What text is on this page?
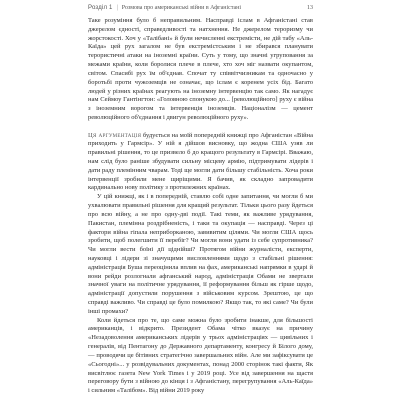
Розділ 1 | Розмова про американські війни в Афганістані	13

Таке розуміння було б неправильним. Насправді іслам в Афганістані став джерелом єдності, справедливості та натхнення. Не джерелом тероризму чи жорстокості. Хоч у «Талібані» й були нечисленні екстремісти, не дій табу «Аль-Каїда» цей рух загалом не був екстремістським і не збирався планувати терористичні атаки на іноземні країни. Суть у тому, що значні угруповання за межами країни, коли боролися плече в плече, хто хоч міг назвати окупантом, світом. Спасибі рух їм об'єднав. Спочат ту співвітчизникам та одночасно у боротьбі проти чужоземців не означає, що іслам є коренем усіх бід. Багато людей у різних країнах реагують на іноземну інтервенцію так само. Як нагадує нам Сеймоу Гантінгтон: «Головною спонукою до... [революційного] руху є війна з іноземним ворогом та інтервенція іноземців. Націоналізм — цемент революційного об'єднання і двигун революційного руху».

Ця аргументація будується на моїй попередній книжці про Афганістан «Війна приходить у Гармсір». У ній я дійшов висновку, що жодна США узяв ли правильні рішення, то це призвело б до кращого результату в Гармсірі. Вважаю, нам слід було раніше збудувати сильну місцеву армію, підтримувати лідерів і дати раду племінним чварам. Тоді ще могли дати більшу стабільність. Хоча роки інтервенції зробили мене щиріщими. Я бачив, як складно запровадити кардинально нову політику з протилежних країнах.

У цій книжці, як і в попередній, ставлю собі одне запитання, чи могли б ми ухвалювати правильні рішення для кращий результат. Тільки цього разу йдеться про всю війну, а не про одну-дві події. Такі теми, як важливе урядування, Пакистан, племінна роздрібненість, і таки та окупація — насправді. Через ці фактори війна гіпала неприборканою, завивитим цілями. Чи могли США щось зробити, щоб полегшити її перебіг? Чи могли вони удати із себе супротивника? Чи могли вести боїні дії ціднійші? Протягом війни журналісти, експерти, науковці і лідери зі значущими висловленнями щодо з стабільні рішення: адміністрація Буша переоцінила вплив на фах, американські напрямки в ударі й вони рейди розлогнали афганський народ, адміністрація Обами не звертали значної уваги на політичне урядування, її реформування більш як гірше щодо, адміністрації допустили порушення з військовим курсом. Зрештою, це що справді важливо. Чи справді це було помилкою? Якщо так, то які саме? Чи були інші промахи?

Коли йдеться про те, що саме можна було зробити інакше, для більшості американців, і відкрито. Президент Обама чітко вказує на причину «Незадоволення американських лідерів у трьох адміністраціях — цивільних і генералів, від Пентагону до Державного департаменту, конгресу й Білого дому, — проводячи це бітівних стратегічно завершальних війн. Але ми зафіксувати це «Сьогодні»... у розвідувальних документах, понад 2000 сторінок такі факти, Як висвітлює газета New York Times і у 2019 році. Усе від завершення на щастя переговору бути з війною до кінця і з Афганістану, перегрупування «Аль-Каїда» і сильним «Талібом». Від війни 2019 року
